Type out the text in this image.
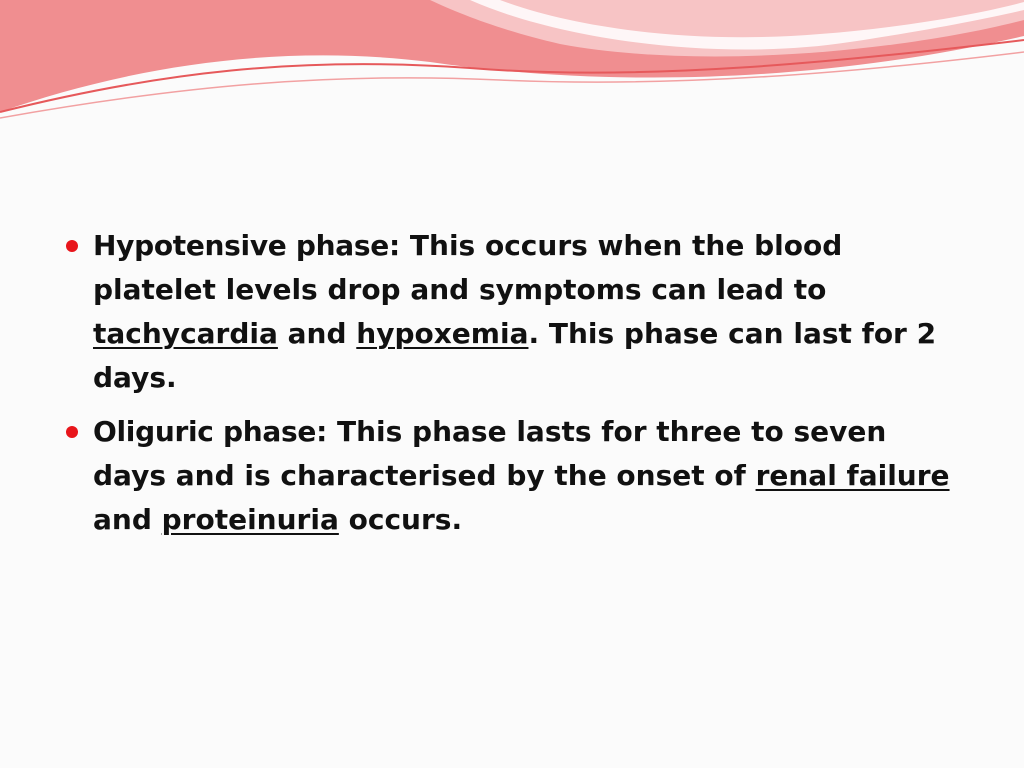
Hypotensive phase: This occurs when the blood platelet levels drop and symptoms can lead to tachycardia and hypoxemia. This phase can last for 2 days.
Oliguric phase: This phase lasts for three to seven days and is characterised by the onset of renal failure and proteinuria occurs.
